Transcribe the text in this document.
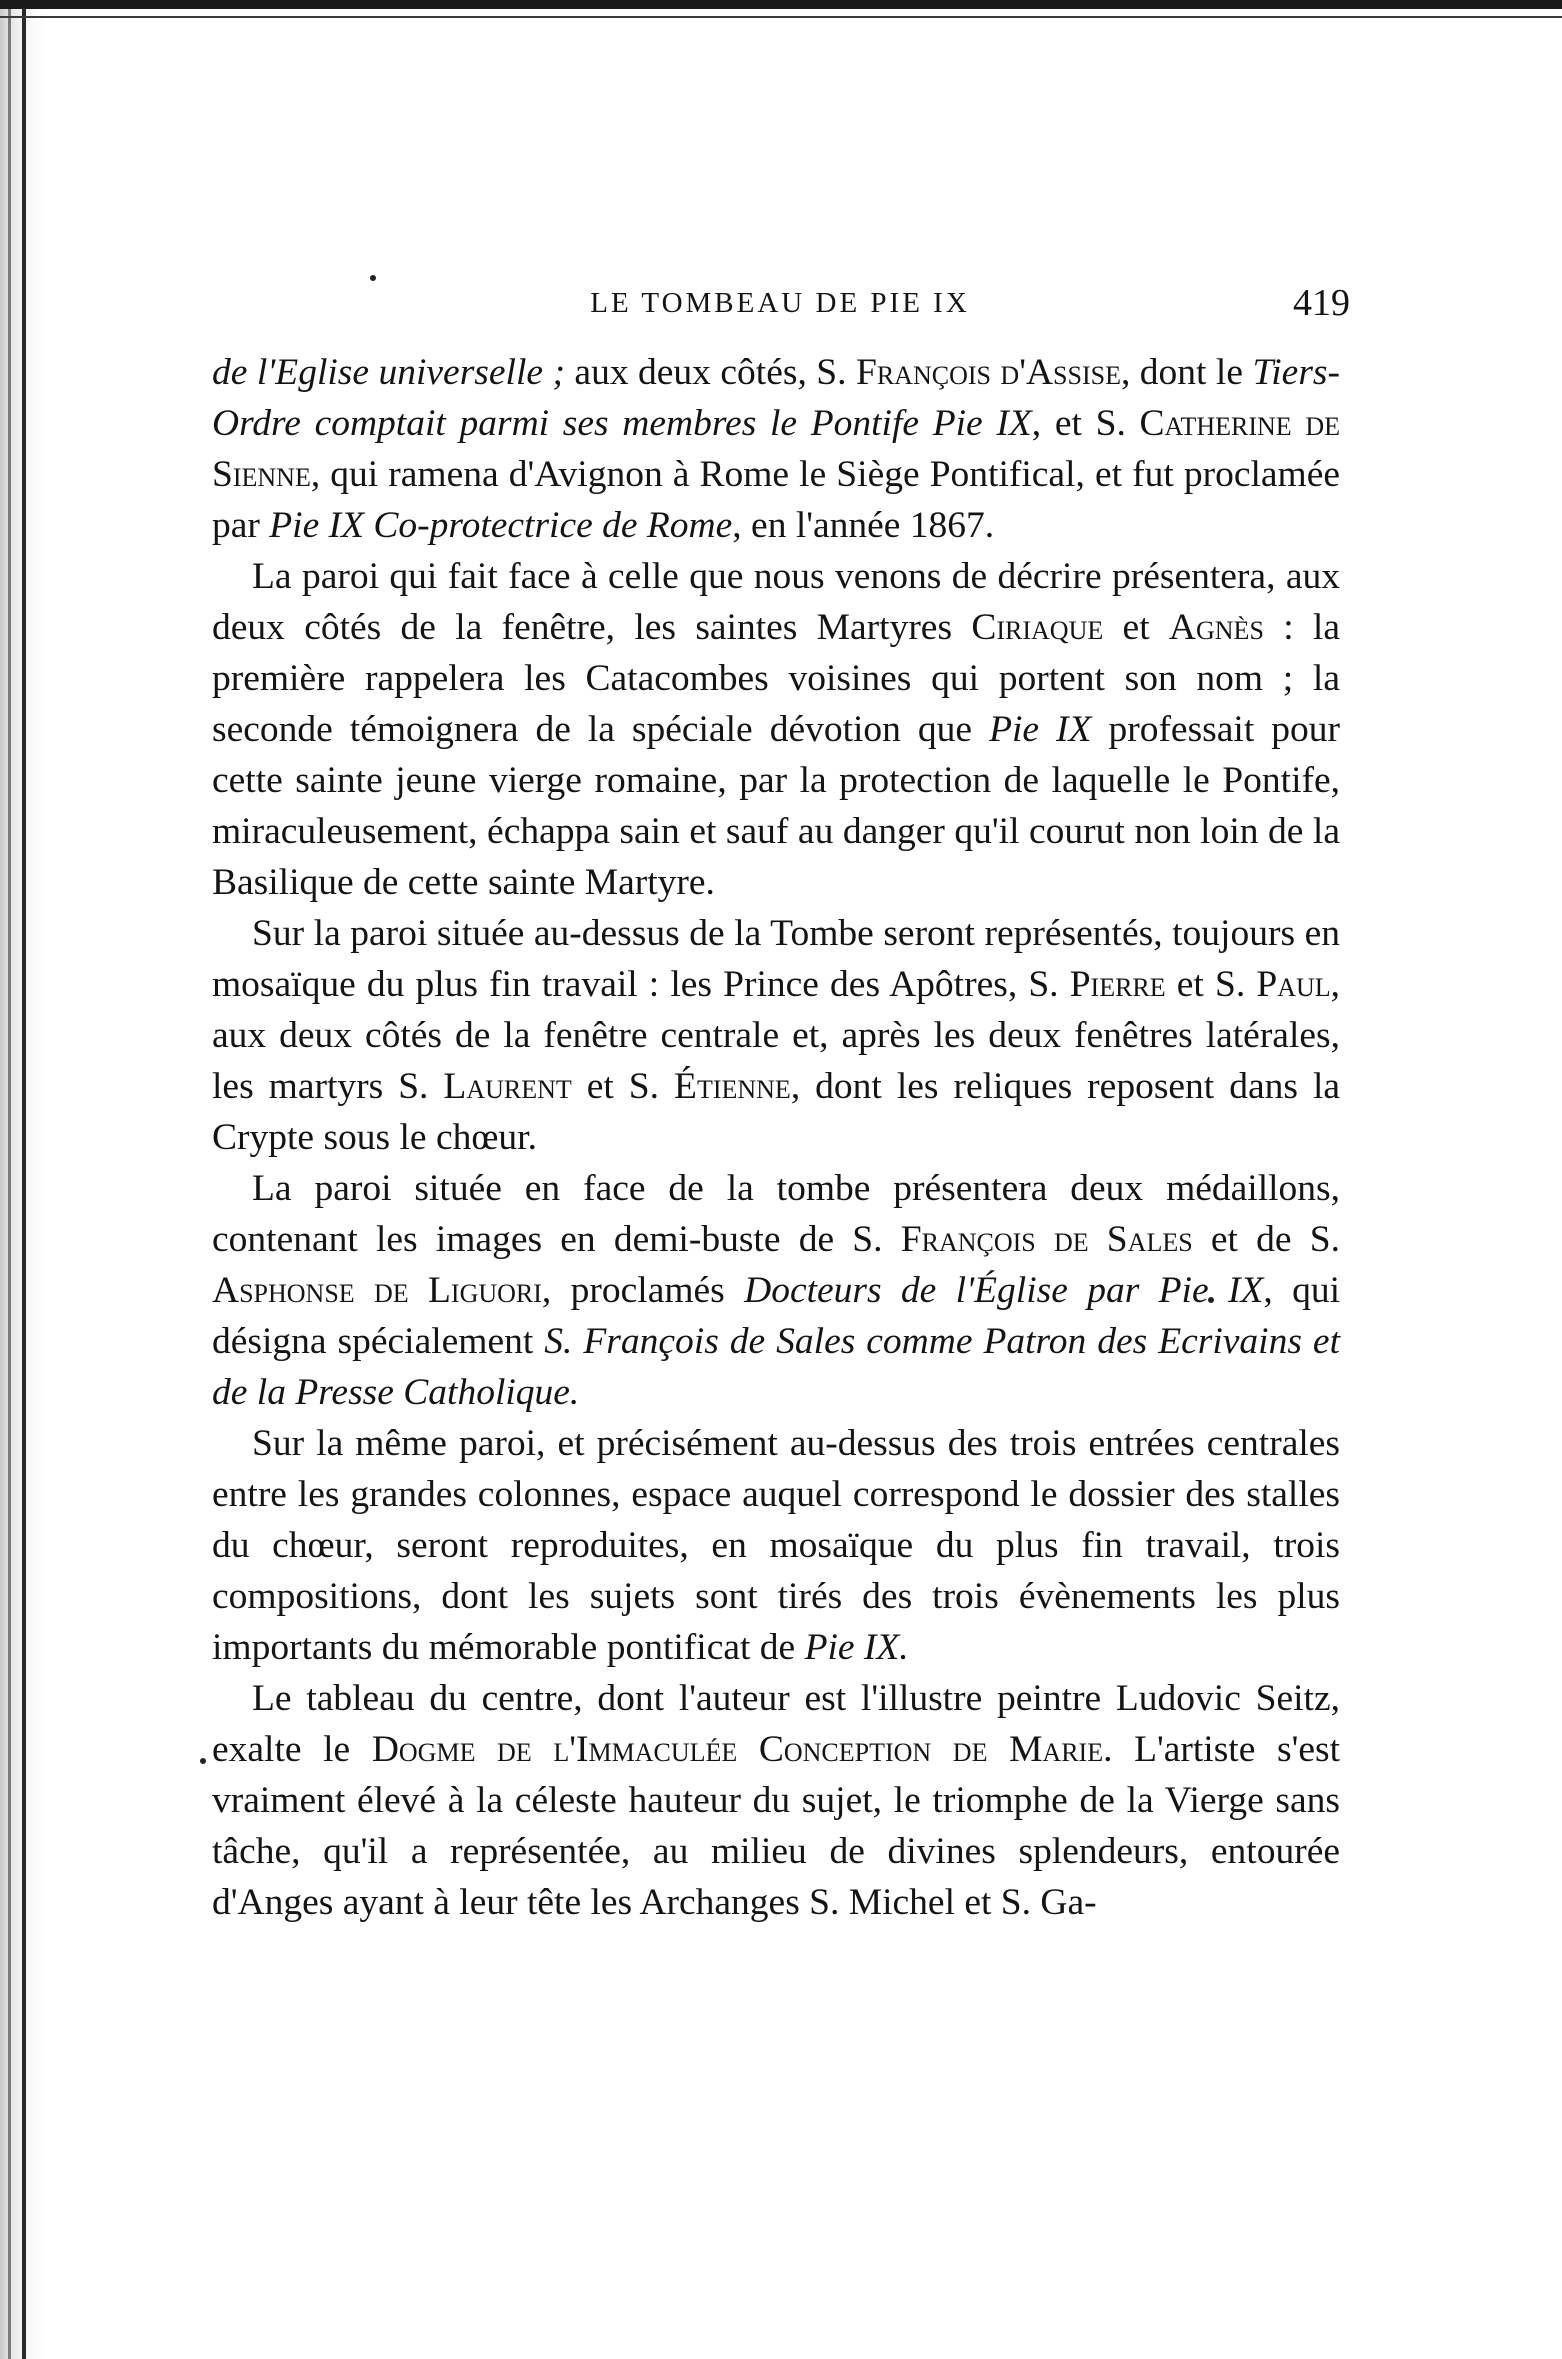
LE TOMBEAU DE PIE IX	419

de l'Eglise universelle ; aux deux côtés, S. François d'Assise, dont le Tiers-Ordre comptait parmi ses membres le Pontife Pie IX, et S. Catherine de Sienne, qui ramena d'Avignon à Rome le Siège Pontifical, et fut proclamée par Pie IX Co-protectrice de Rome, en l'année 1867.

La paroi qui fait face à celle que nous venons de décrire présentera, aux deux côtés de la fenêtre, les saintes Martyres Ciriaque et Agnès : la première rappelera les Catacombes voisines qui portent son nom ; la seconde témoignera de la spéciale dévotion que Pie IX professait pour cette sainte jeune vierge romaine, par la protection de laquelle le Pontife, miraculeusement, échappa sain et sauf au danger qu'il courut non loin de la Basilique de cette sainte Martyre.

Sur la paroi située au-dessus de la Tombe seront représentés, toujours en mosaïque du plus fin travail : les Prince des Apôtres, S. Pierre et S. Paul, aux deux côtés de la fenêtre centrale et, après les deux fenêtres latérales, les martyrs S. Laurent et S. Étienne, dont les reliques reposent dans la Crypte sous le chœur.

La paroi située en face de la tombe présentera deux médaillons, contenant les images en demi-buste de S. François de Sales et de S. Asphonse de Liguori, proclamés Docteurs de l'Église par Pie IX, qui désigna spécialement S. François de Sales comme Patron des Ecrivains et de la Presse Catholique.

Sur la même paroi, et précisément au-dessus des trois entrées centrales entre les grandes colonnes, espace auquel correspond le dossier des stalles du chœur, seront reproduites, en mosaïque du plus fin travail, trois compositions, dont les sujets sont tirés des trois évènements les plus importants du mémorable pontificat de Pie IX.

Le tableau du centre, dont l'auteur est l'illustre peintre Ludovic Seitz, exalte le Dogme de l'Immaculée Conception de Marie. L'artiste s'est vraiment élevé à la céleste hauteur du sujet, le triomphe de la Vierge sans tâche, qu'il a représentée, au milieu de divines splendeurs, entourée d'Anges ayant à leur tête les Archanges S. Michel et S. Ga-
